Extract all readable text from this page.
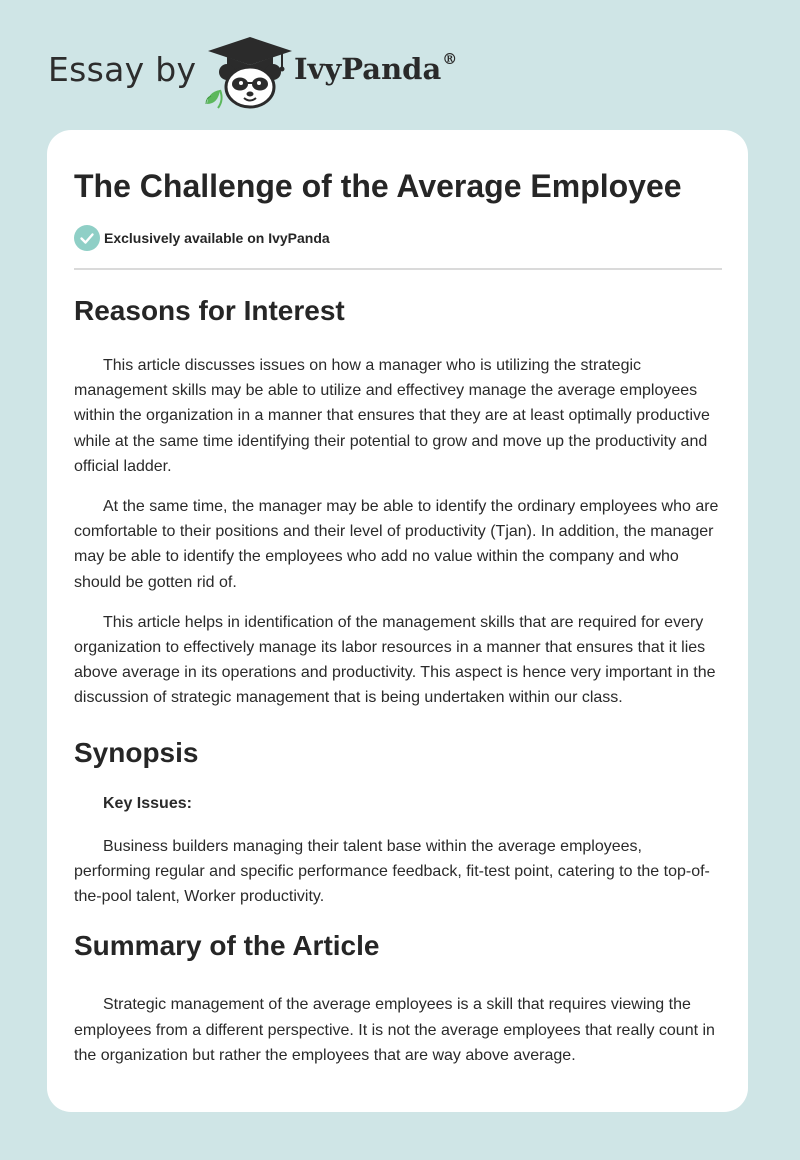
Essay by	IvyPanda®
The Challenge of the Average Employee
Exclusively available on IvyPanda
Reasons for Interest

This article discusses issues on how a manager who is utilizing the strategic management skills may be able to utilize and effectivey manage the average employees within the organization in a manner that ensures that they are at least optimally productive while at the same time identifying their potential to grow and move up the productivity and official ladder.

At the same time, the manager may be able to identify the ordinary employees who are comfortable to their positions and their level of productivity (Tjan). In addition, the manager may be able to identify the employees who add no value within the company and who should be gotten rid of.

This article helps in identification of the management skills that are required for every organization to effectively manage its labor resources in a manner that ensures that it lies above average in its operations and productivity. This aspect is hence very important in the discussion of strategic management that is being undertaken within our class.

Synopsis

Key Issues:

Business builders managing their talent base within the average employees, performing regular and specific performance feedback, fit-test point, catering to the top-of-the-pool talent, Worker productivity.

Summary of the Article

Strategic management of the average employees is a skill that requires viewing the employees from a different perspective. It is not the average employees that really count in the organization but rather the employees that are way above average.
